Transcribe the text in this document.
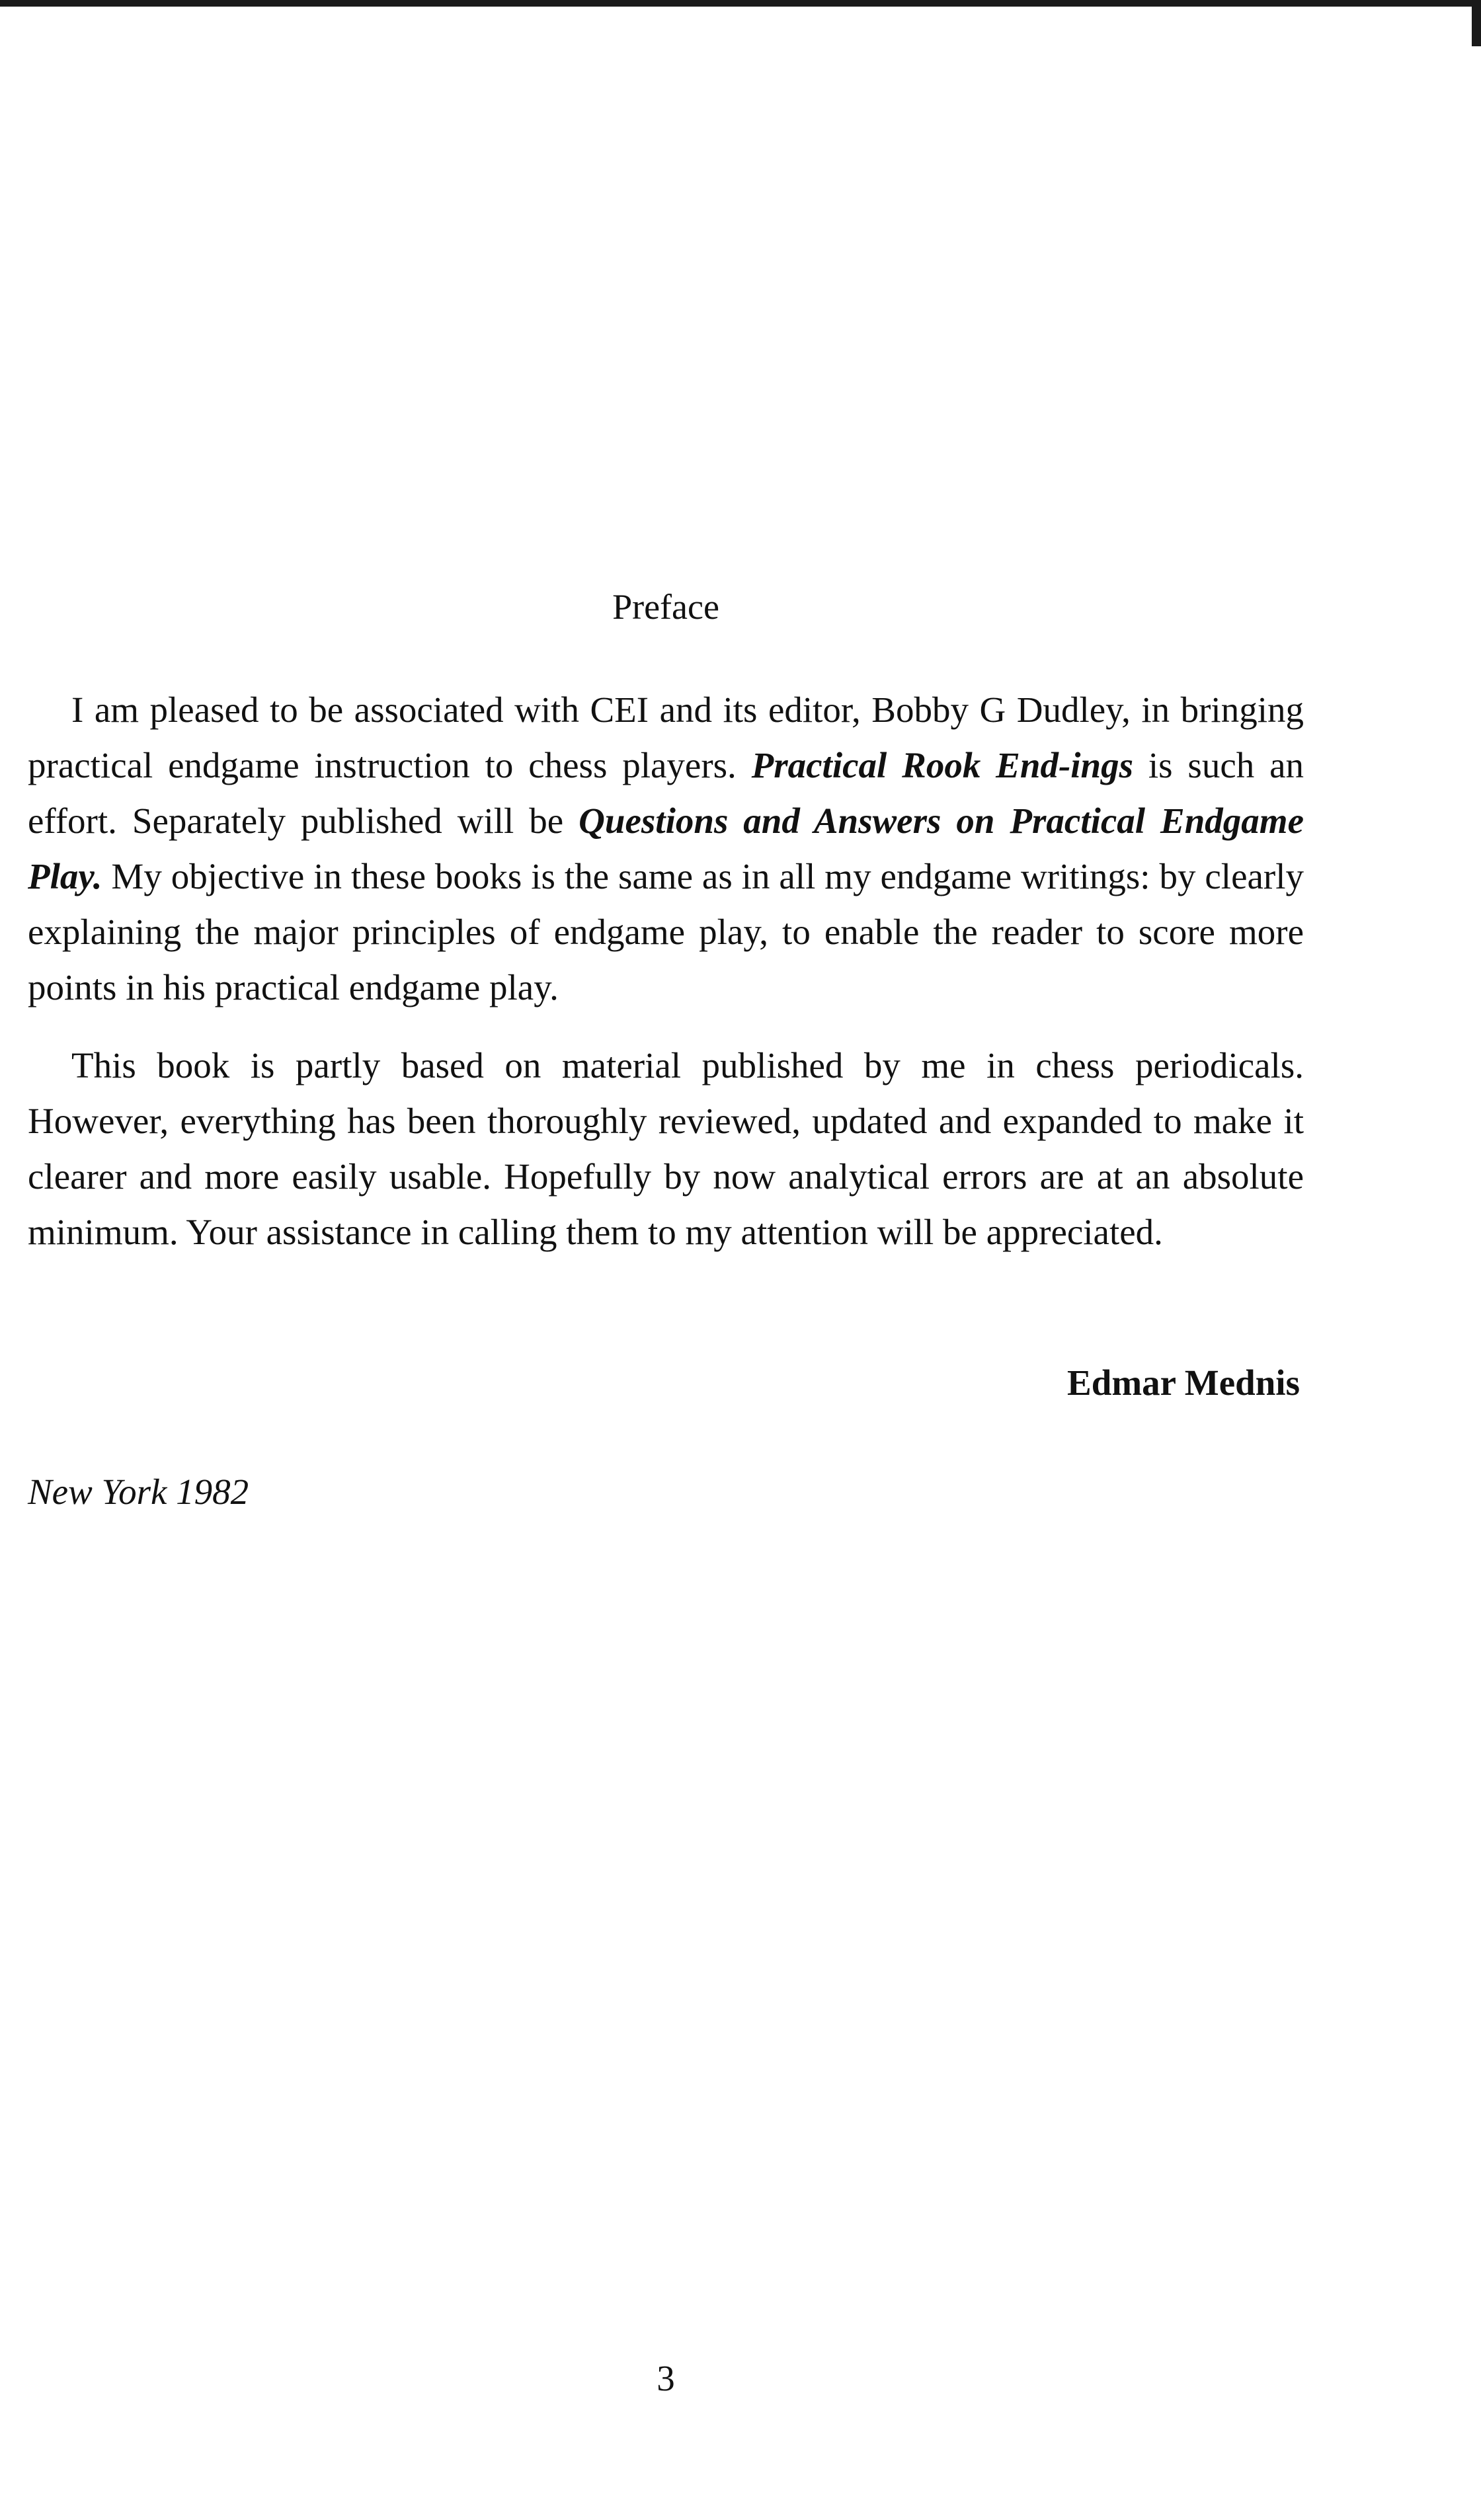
Preface

I am pleased to be associated with CEI and its editor, Bobby G Dudley, in bringing practical endgame instruction to chess players. Practical Rook End-ings is such an effort. Separately published will be Questions and Answers on Practical Endgame Play. My objective in these books is the same as in all my endgame writings: by clearly explaining the major principles of endgame play, to enable the reader to score more points in his practical endgame play.

This book is partly based on material published by me in chess periodicals. However, everything has been thoroughly reviewed, updated and expanded to make it clearer and more easily usable. Hopefully by now analytical errors are at an absolute minimum. Your assistance in calling them to my attention will be appreciated.

Edmar Mednis

New York 1982

3
